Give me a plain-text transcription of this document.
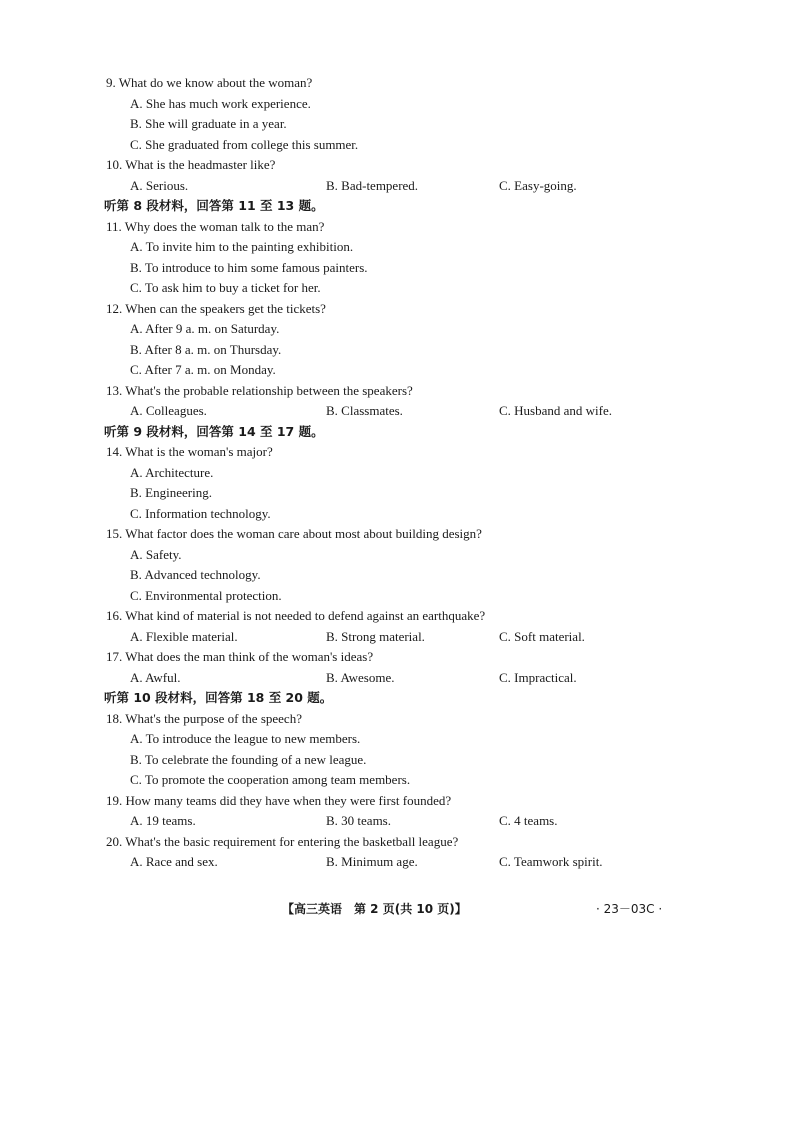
9. What do we know about the woman?
A. She has much work experience.
B. She will graduate in a year.
C. She graduated from college this summer.
10. What is the headmaster like?
A. Serious.	B. Bad-tempered.	C. Easy-going.
听第 8 段材料，回答第 11 至 13 题。
11. Why does the woman talk to the man?
A. To invite him to the painting exhibition.
B. To introduce to him some famous painters.
C. To ask him to buy a ticket for her.
12. When can the speakers get the tickets?
A. After 9 a. m. on Saturday.
B. After 8 a. m. on Thursday.
C. After 7 a. m. on Monday.
13. What's the probable relationship between the speakers?
A. Colleagues.	B. Classmates.	C. Husband and wife.
听第 9 段材料，回答第 14 至 17 题。
14. What is the woman's major?
A. Architecture.
B. Engineering.
C. Information technology.
15. What factor does the woman care about most about building design?
A. Safety.
B. Advanced technology.
C. Environmental protection.
16. What kind of material is not needed to defend against an earthquake?
A. Flexible material.	B. Strong material.	C. Soft material.
17. What does the man think of the woman's ideas?
A. Awful.	B. Awesome.	C. Impractical.
听第 10 段材料，回答第 18 至 20 题。
18. What's the purpose of the speech?
A. To introduce the league to new members.
B. To celebrate the founding of a new league.
C. To promote the cooperation among team members.
19. How many teams did they have when they were first founded?
A. 19 teams.	B. 30 teams.	C. 4 teams.
20. What's the basic requirement for entering the basketball league?
A. Race and sex.	B. Minimum age.	C. Teamwork spirit.
【高三英语　第 2 页(共 10 页)】	· 23－03C ·
